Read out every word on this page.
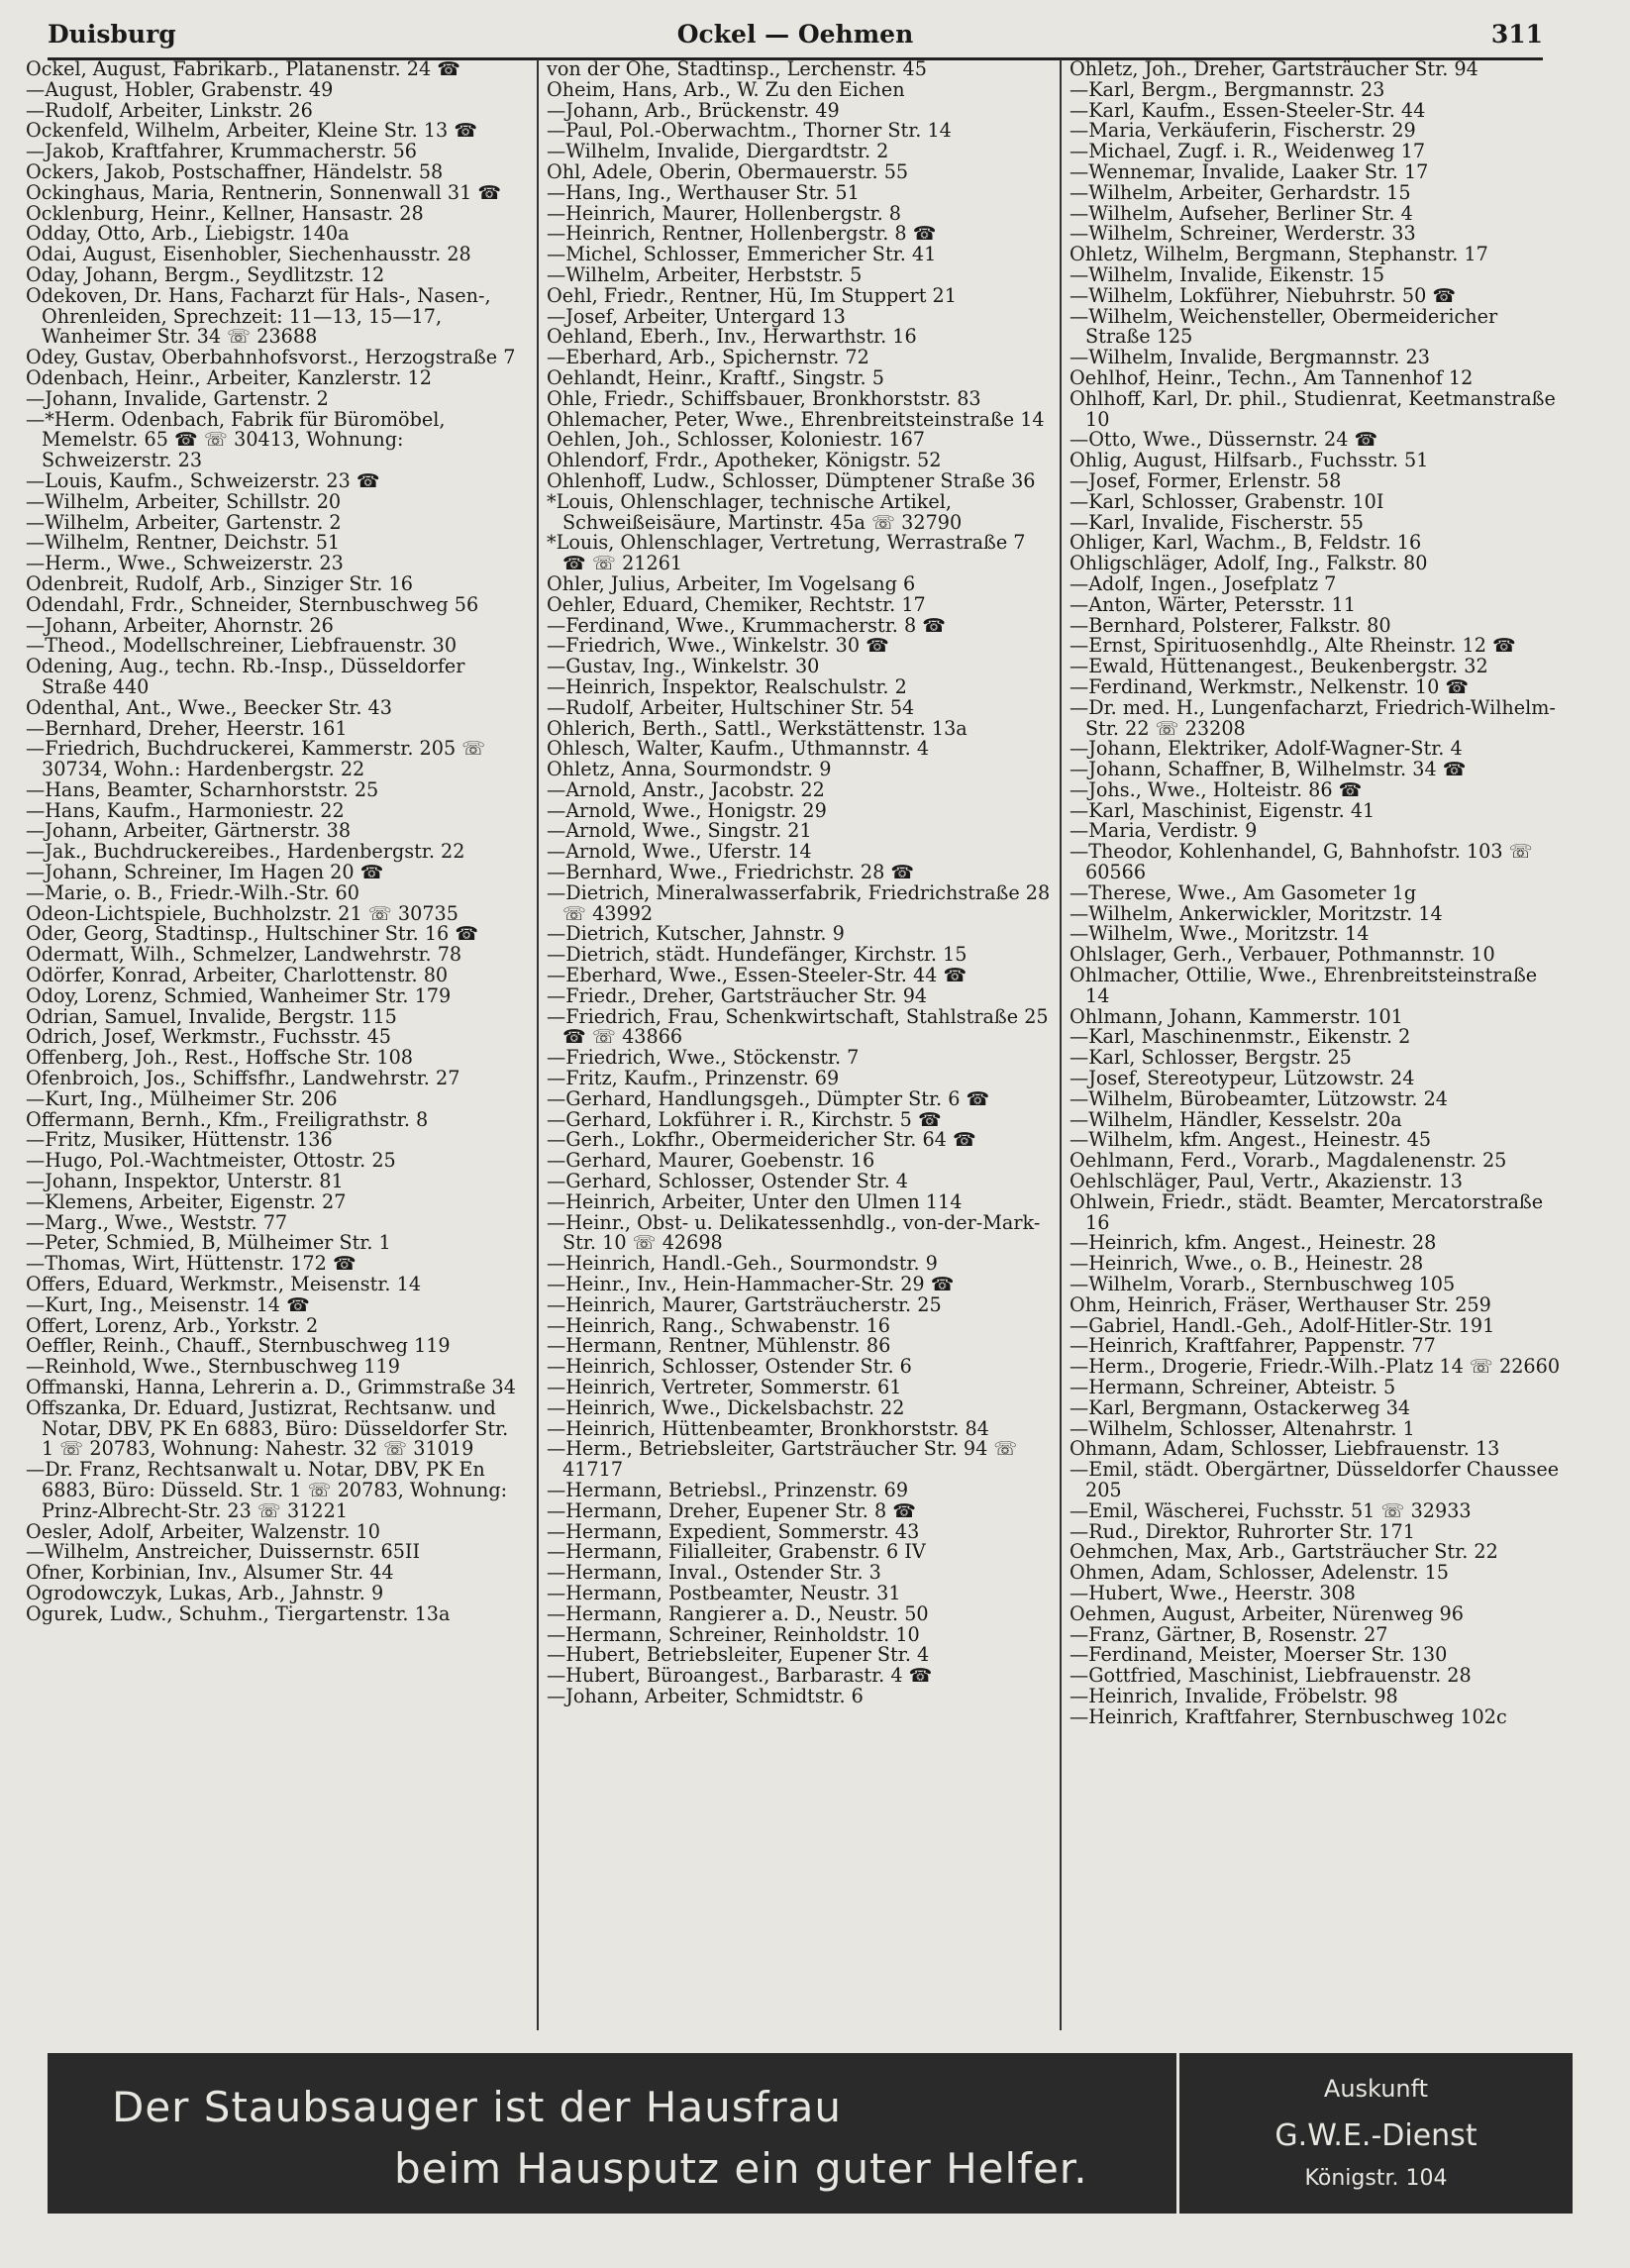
Duisburg	Ockel — Oehmen	311

Ockel, August, Fabrikarb., Platanenstr. 24 ☎

—August, Hobler, Grabenstr. 49

—Rudolf, Arbeiter, Linkstr. 26

Ockenfeld, Wilhelm, Arbeiter, Kleine Str. 13 ☎

—Jakob, Kraftfahrer, Krummacherstr. 56

Ockers, Jakob, Postschaffner, Händelstr. 58

Ockinghaus, Maria, Rentnerin, Sonnenwall 31 ☎

Ocklenburg, Heinr., Kellner, Hansastr. 28

Odday, Otto, Arb., Liebigstr. 140a

Odai, August, Eisenhobler, Siechenhausstr. 28

Oday, Johann, Bergm., Seydlitzstr. 12

Odekoven, Dr. Hans, Facharzt für Hals-, Nasen-, Ohrenleiden, Sprechzeit: 11—13, 15—17, Wanheimer Str. 34 ☏ 23688

Odey, Gustav, Oberbahnhofsvorst., Herzogstraße 7

Odenbach, Heinr., Arbeiter, Kanzlerstr. 12

—Johann, Invalide, Gartenstr. 2

—*Herm. Odenbach, Fabrik für Büromöbel, Memelstr. 65 ☎ ☏ 30413, Wohnung: Schweizerstr. 23

—Louis, Kaufm., Schweizerstr. 23 ☎

—Wilhelm, Arbeiter, Schillstr. 20

—Wilhelm, Arbeiter, Gartenstr. 2

—Wilhelm, Rentner, Deichstr. 51

—Herm., Wwe., Schweizerstr. 23

Odenbreit, Rudolf, Arb., Sinziger Str. 16

Odendahl, Frdr., Schneider, Sternbuschweg 56

—Johann, Arbeiter, Ahornstr. 26

—Theod., Modellschreiner, Liebfrauenstr. 30

Odening, Aug., techn. Rb.-Insp., Düsseldorfer Straße 440

Odenthal, Ant., Wwe., Beecker Str. 43

—Bernhard, Dreher, Heerstr. 161

—Friedrich, Buchdruckerei, Kammerstr. 205 ☏ 30734, Wohn.: Hardenbergstr. 22

—Hans, Beamter, Scharnhorststr. 25

—Hans, Kaufm., Harmoniestr. 22

—Johann, Arbeiter, Gärtnerstr. 38

—Jak., Buchdruckereibes., Hardenbergstr. 22

—Johann, Schreiner, Im Hagen 20 ☎

—Marie, o. B., Friedr.-Wilh.-Str. 60

Odeon-Lichtspiele, Buchholzstr. 21 ☏ 30735

Oder, Georg, Stadtinsp., Hultschiner Str. 16 ☎

Odermatt, Wilh., Schmelzer, Landwehrstr. 78

Odörfer, Konrad, Arbeiter, Charlottenstr. 80

Odoy, Lorenz, Schmied, Wanheimer Str. 179

Odrian, Samuel, Invalide, Bergstr. 115

Odrich, Josef, Werkmstr., Fuchsstr. 45

Offenberg, Joh., Rest., Hoffsche Str. 108

Ofenbroich, Jos., Schiffsfhr., Landwehrstr. 27

—Kurt, Ing., Mülheimer Str. 206

Offermann, Bernh., Kfm., Freiligrathstr. 8

—Fritz, Musiker, Hüttenstr. 136

—Hugo, Pol.-Wachtmeister, Ottostr. 25

—Johann, Inspektor, Unterstr. 81

—Klemens, Arbeiter, Eigenstr. 27

—Marg., Wwe., Weststr. 77

—Peter, Schmied, B, Mülheimer Str. 1

—Thomas, Wirt, Hüttenstr. 172 ☎

Offers, Eduard, Werkmstr., Meisenstr. 14

—Kurt, Ing., Meisenstr. 14 ☎

Offert, Lorenz, Arb., Yorkstr. 2

Oeffler, Reinh., Chauff., Sternbuschweg 119

—Reinhold, Wwe., Sternbuschweg 119

Offmanski, Hanna, Lehrerin a. D., Grimmstraße 34

Offszanka, Dr. Eduard, Justizrat, Rechtsanw. und Notar, DBV, PK En 6883, Büro: Düsseldorfer Str. 1 ☏ 20783, Wohnung: Nahestr. 32 ☏ 31019

—Dr. Franz, Rechtsanwalt u. Notar, DBV, PK En 6883, Büro: Düsseld. Str. 1 ☏ 20783, Wohnung: Prinz-Albrecht-Str. 23 ☏ 31221

Oesler, Adolf, Arbeiter, Walzenstr. 10

—Wilhelm, Anstreicher, Duissernstr. 65II

Ofner, Korbinian, Inv., Alsumer Str. 44

Ogrodowczyk, Lukas, Arb., Jahnstr. 9

Ogurek, Ludw., Schuhm., Tiergartenstr. 13a

von der Ohe, Stadtinsp., Lerchenstr. 45

Oheim, Hans, Arb., W. Zu den Eichen

—Johann, Arb., Brückenstr. 49

—Paul, Pol.-Oberwachtm., Thorner Str. 14

—Wilhelm, Invalide, Diergardtstr. 2

Ohl, Adele, Oberin, Obermauerstr. 55

—Hans, Ing., Werthauser Str. 51

—Heinrich, Maurer, Hollenbergstr. 8

—Heinrich, Rentner, Hollenbergstr. 8 ☎

—Michel, Schlosser, Emmericher Str. 41

—Wilhelm, Arbeiter, Herbststr. 5

Oehl, Friedr., Rentner, Hü, Im Stuppert 21

—Josef, Arbeiter, Untergard 13

Oehland, Eberh., Inv., Herwarthstr. 16

—Eberhard, Arb., Spichernstr. 72

Oehlandt, Heinr., Kraftf., Singstr. 5

Ohle, Friedr., Schiffsbauer, Bronkhorststr. 83

Ohlemacher, Peter, Wwe., Ehrenbreitsteinstraße 14

Oehlen, Joh., Schlosser, Koloniestr. 167

Ohlendorf, Frdr., Apotheker, Königstr. 52

Ohlenhoff, Ludw., Schlosser, Dümptener Straße 36

*Louis, Ohlenschlager, technische Artikel, Schweißeisäure, Martinstr. 45a ☏ 32790

*Louis, Ohlenschlager, Vertretung, Werrastraße 7 ☎ ☏ 21261

Ohler, Julius, Arbeiter, Im Vogelsang 6

Oehler, Eduard, Chemiker, Rechtstr. 17

—Ferdinand, Wwe., Krummacherstr. 8 ☎

—Friedrich, Wwe., Winkelstr. 30 ☎

—Gustav, Ing., Winkelstr. 30

—Heinrich, Inspektor, Realschulstr. 2

—Rudolf, Arbeiter, Hultschiner Str. 54

Ohlerich, Berth., Sattl., Werkstättenstr. 13a

Ohlesch, Walter, Kaufm., Uthmannstr. 4

Ohletz, Anna, Sourmondstr. 9

—Arnold, Anstr., Jacobstr. 22

—Arnold, Wwe., Honigstr. 29

—Arnold, Wwe., Singstr. 21

—Arnold, Wwe., Uferstr. 14

—Bernhard, Wwe., Friedrichstr. 28 ☎

—Dietrich, Mineralwasserfabrik, Friedrichstraße 28 ☏ 43992

—Dietrich, Kutscher, Jahnstr. 9

—Dietrich, städt. Hundefänger, Kirchstr. 15

—Eberhard, Wwe., Essen-Steeler-Str. 44 ☎

—Friedr., Dreher, Gartsträucher Str. 94

—Friedrich, Frau, Schenkwirtschaft, Stahlstraße 25 ☎ ☏ 43866

—Friedrich, Wwe., Stöckenstr. 7

—Fritz, Kaufm., Prinzenstr. 69

—Gerhard, Handlungsgeh., Dümpter Str. 6 ☎

—Gerhard, Lokführer i. R., Kirchstr. 5 ☎

—Gerh., Lokfhr., Obermeidericher Str. 64 ☎

—Gerhard, Maurer, Goebenstr. 16

—Gerhard, Schlosser, Ostender Str. 4

—Heinrich, Arbeiter, Unter den Ulmen 114

—Heinr., Obst- u. Delikatessenhdlg., von-der-Mark-Str. 10 ☏ 42698

—Heinrich, Handl.-Geh., Sourmondstr. 9

—Heinr., Inv., Hein-Hammacher-Str. 29 ☎

—Heinrich, Maurer, Gartsträucherstr. 25

—Heinrich, Rang., Schwabenstr. 16

—Hermann, Rentner, Mühlenstr. 86

—Heinrich, Schlosser, Ostender Str. 6

—Heinrich, Vertreter, Sommerstr. 61

—Heinrich, Wwe., Dickelsbachstr. 22

—Heinrich, Hüttenbeamter, Bronkhorststr. 84

—Herm., Betriebsleiter, Gartsträucher Str. 94 ☏ 41717

—Hermann, Betriebsl., Prinzenstr. 69

—Hermann, Dreher, Eupener Str. 8 ☎

—Hermann, Expedient, Sommerstr. 43

—Hermann, Filialleiter, Grabenstr. 6 IV

—Hermann, Inval., Ostender Str. 3

—Hermann, Postbeamter, Neustr. 31

—Hermann, Rangierer a. D., Neustr. 50

—Hermann, Schreiner, Reinholdstr. 10

—Hubert, Betriebsleiter, Eupener Str. 4

—Hubert, Büroangest., Barbarastr. 4 ☎

—Johann, Arbeiter, Schmidtstr. 6

Ohletz, Joh., Dreher, Gartsträucher Str. 94

—Karl, Bergm., Bergmannstr. 23

—Karl, Kaufm., Essen-Steeler-Str. 44

—Maria, Verkäuferin, Fischerstr. 29

—Michael, Zugf. i. R., Weidenweg 17

—Wennemar, Invalide, Laaker Str. 17

—Wilhelm, Arbeiter, Gerhardstr. 15

—Wilhelm, Aufseher, Berliner Str. 4

—Wilhelm, Schreiner, Werderstr. 33

Ohletz, Wilhelm, Bergmann, Stephanstr. 17

—Wilhelm, Invalide, Eikenstr. 15

—Wilhelm, Lokführer, Niebuhrstr. 50 ☎

—Wilhelm, Weichensteller, Obermeidericher Straße 125

—Wilhelm, Invalide, Bergmannstr. 23

Oehlhof, Heinr., Techn., Am Tannenhof 12

Ohlhoff, Karl, Dr. phil., Studienrat, Keetmanstraße 10

—Otto, Wwe., Düssernstr. 24 ☎

Ohlig, August, Hilfsarb., Fuchsstr. 51

—Josef, Former, Erlenstr. 58

—Karl, Schlosser, Grabenstr. 10I

—Karl, Invalide, Fischerstr. 55

Ohliger, Karl, Wachm., B, Feldstr. 16

Ohligschläger, Adolf, Ing., Falkstr. 80

—Adolf, Ingen., Josefplatz 7

—Anton, Wärter, Petersstr. 11

—Bernhard, Polsterer, Falkstr. 80

—Ernst, Spirituosenhdlg., Alte Rheinstr. 12 ☎

—Ewald, Hüttenangest., Beukenbergstr. 32

—Ferdinand, Werkmstr., Nelkenstr. 10 ☎

—Dr. med. H., Lungenfacharzt, Friedrich-Wilhelm-Str. 22 ☏ 23208

—Johann, Elektriker, Adolf-Wagner-Str. 4

—Johann, Schaffner, B, Wilhelmstr. 34 ☎

—Johs., Wwe., Holteistr. 86 ☎

—Karl, Maschinist, Eigenstr. 41

—Maria, Verdistr. 9

—Theodor, Kohlenhandel, G, Bahnhofstr. 103 ☏ 60566

—Therese, Wwe., Am Gasometer 1g

—Wilhelm, Ankerwickler, Moritzstr. 14

—Wilhelm, Wwe., Moritzstr. 14

Ohlslager, Gerh., Verbauer, Pothmannstr. 10

Ohlmacher, Ottilie, Wwe., Ehrenbreitsteinstraße 14

Ohlmann, Johann, Kammerstr. 101

—Karl, Maschinenmstr., Eikenstr. 2

—Karl, Schlosser, Bergstr. 25

—Josef, Stereotypeur, Lützowstr. 24

—Wilhelm, Bürobeamter, Lützowstr. 24

—Wilhelm, Händler, Kesselstr. 20a

—Wilhelm, kfm. Angest., Heinestr. 45

Oehlmann, Ferd., Vorarb., Magdalenenstr. 25

Oehlschläger, Paul, Vertr., Akazienstr. 13

Ohlwein, Friedr., städt. Beamter, Mercatorstraße 16

—Heinrich, kfm. Angest., Heinestr. 28

—Heinrich, Wwe., o. B., Heinestr. 28

—Wilhelm, Vorarb., Sternbuschweg 105

Ohm, Heinrich, Fräser, Werthauser Str. 259

—Gabriel, Handl.-Geh., Adolf-Hitler-Str. 191

—Heinrich, Kraftfahrer, Pappenstr. 77

—Herm., Drogerie, Friedr.-Wilh.-Platz 14 ☏ 22660

—Hermann, Schreiner, Abteistr. 5

—Karl, Bergmann, Ostackerweg 34

—Wilhelm, Schlosser, Altenahrstr. 1

Ohmann, Adam, Schlosser, Liebfrauenstr. 13

—Emil, städt. Obergärtner, Düsseldorfer Chaussee 205

—Emil, Wäscherei, Fuchsstr. 51 ☏ 32933

—Rud., Direktor, Ruhrorter Str. 171

Oehmchen, Max, Arb., Gartsträucher Str. 22

Ohmen, Adam, Schlosser, Adelenstr. 15

—Hubert, Wwe., Heerstr. 308

Oehmen, August, Arbeiter, Nürenweg 96

—Franz, Gärtner, B, Rosenstr. 27

—Ferdinand, Meister, Moerser Str. 130

—Gottfried, Maschinist, Liebfrauenstr. 28

—Heinrich, Invalide, Fröbelstr. 98

—Heinrich, Kraftfahrer, Sternbuschweg 102c

Der Staubsauger ist der Hausfrau
beim Hausputz ein guter Helfer.
Auskunft
G.W.E.-Dienst
Königstr. 104
